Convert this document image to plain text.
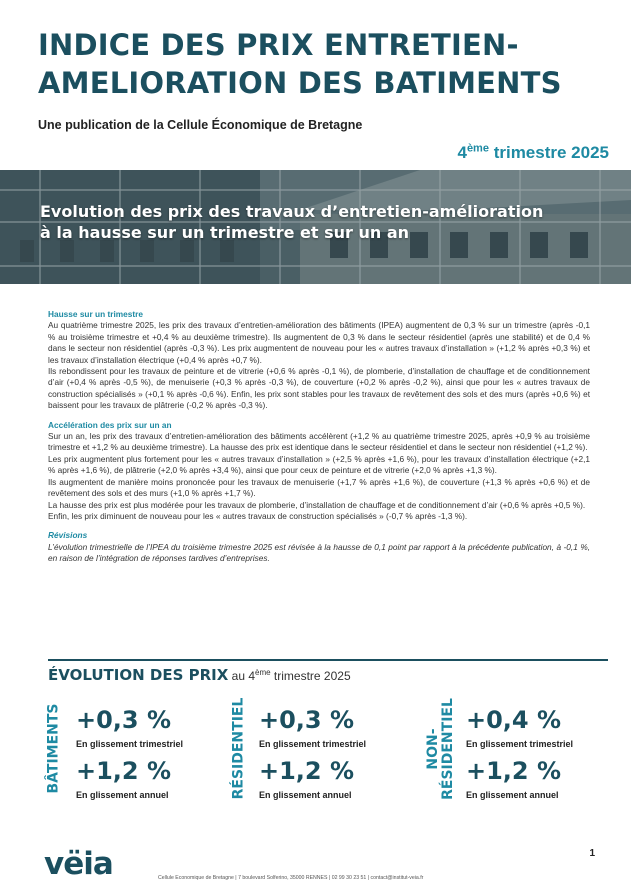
INDICE DES PRIX ENTRETIEN-
AMELIORATION DES BATIMENTS
Une publication de la Cellule Économique de Bretagne
4ème trimestre 2025
Evolution des prix des travaux d’entretien-amélioration
à la hausse sur un trimestre et sur un an
Hausse sur un trimestre

Au quatrième trimestre 2025, les prix des travaux d’entretien-amélioration des bâtiments (IPEA) augmentent de 0,3 % sur un trimestre (après -0,1 % au troisième trimestre et +0,4 % au deuxième trimestre). Ils augmentent de 0,3 % dans le secteur résidentiel (après une stabilité) et de 0,4 % dans le secteur non résidentiel (après -0,3 %). Les prix augmentent de nouveau pour les « autres travaux d’installation » (+1,2 % après +0,3 %) et les travaux d’installation électrique (+0,4 % après +0,7 %).

Ils rebondissent pour les travaux de peinture et de vitrerie (+0,6 % après -0,1 %), de plomberie, d’installation de chauffage et de conditionnement d’air (+0,4 % après -0,5 %), de menuiserie (+0,3 % après -0,3 %), de couverture (+0,2 % après -0,2 %), ainsi que pour les « autres travaux de construction spécialisés » (+0,1 % après -0,6 %). Enfin, les prix sont stables pour les travaux de revêtement des sols et des murs (après +0,6 %) et baissent pour les travaux de plâtrerie (-0,2 % après -0,3 %).

Accélération des prix sur un an

Sur un an, les prix des travaux d’entretien-amélioration des bâtiments accélèrent (+1,2 % au quatrième trimestre 2025, après +0,9 % au troisième trimestre et +1,2 % au deuxième trimestre). La hausse des prix est identique dans le secteur résidentiel et dans le secteur non résidentiel (+1,2 %).

Les prix augmentent plus fortement pour les « autres travaux d’installation » (+2,5 % après +1,6 %), pour les travaux d’installation électrique (+2,1 % après +1,6 %), de plâtrerie (+2,0 % après +3,4 %), ainsi que pour ceux de peinture et de vitrerie (+2,0 % après +1,3 %).

Ils augmentent de manière moins prononcée pour les travaux de menuiserie (+1,7 % après +1,6 %), de couverture (+1,3 % après +0,6 %) et de revêtement des sols et des murs (+1,0 % après +1,7 %).

La hausse des prix est plus modérée pour les travaux de plomberie, d’installation de chauffage et de conditionnement d’air (+0,6 % après +0,5 %).

Enfin, les prix diminuent de nouveau pour les « autres travaux de construction spécialisés » (-0,7 % après -1,3 %).

Révisions

L’évolution trimestrielle de l’IPEA du troisième trimestre 2025 est révisée à la hausse de 0,1 point par rapport à la précédente publication, à -0,1 %, en raison de l’intégration de réponses tardives d’entreprises.

ÉVOLUTION DES PRIX au 4ème trimestre 2025
BÂTIMENTS +0,3 %
En glissement trimestriel
+1,2 %
En glissement annuel	RÉSIDENTIEL +0,3 %
En glissement trimestriel
+1,2 %
En glissement annuel
NON- RÉSIDENTIEL +0,4 %
En glissement trimestriel
+1,2 %
En glissement annuel
vëia	Cellule Economique de Bretagne | 7 boulevard Solferino, 35000 RENNES | 02 99 30 23 51 | contact@institut-veia.fr
1
